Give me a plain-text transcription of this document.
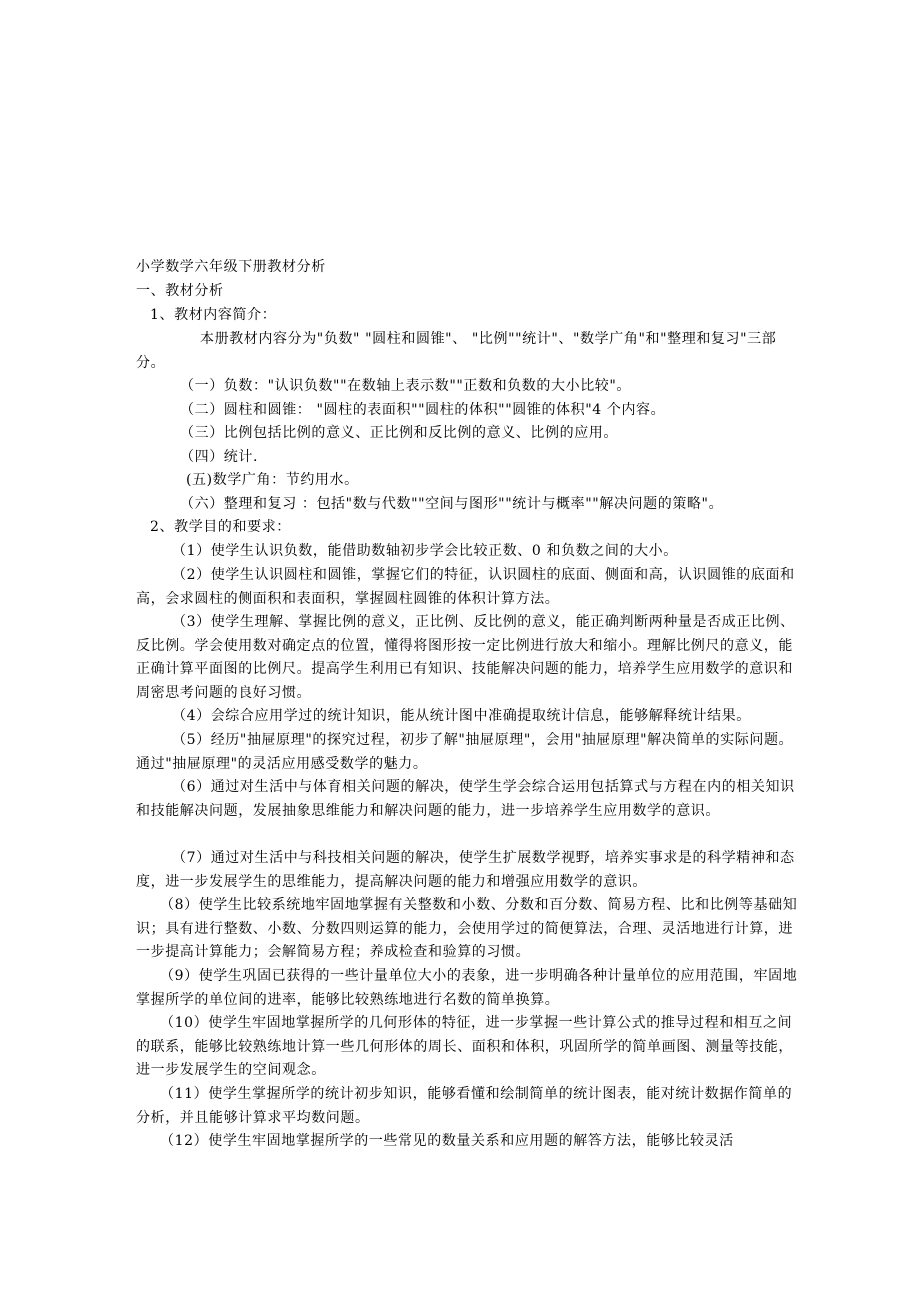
小学数学六年级下册教材分析

一、教材分析

1、教材内容简介：

本册教材内容分为"负数" "圆柱和圆锥"、 "比例""统计"、"数学广角"和"整理和复习"三部分。

（一）负数："认识负数""在数轴上表示数""正数和负数的大小比较"。

（二）圆柱和圆锥： "圆柱的表面积""圆柱的体积""圆锥的体积"4 个内容。

（三）比例包括比例的意义、正比例和反比例的意义、比例的应用。

（四）统计.

(五)数学广角：节约用水。

（六）整理和复习 ：包括"数与代数""空间与图形""统计与概率""解决问题的策略"。

2、教学目的和要求：

（1）使学生认识负数，能借助数轴初步学会比较正数、0 和负数之间的大小。

（2）使学生认识圆柱和圆锥，掌握它们的特征，认识圆柱的底面、侧面和高，认识圆锥的底面和高，会求圆柱的侧面积和表面积，掌握圆柱圆锥的体积计算方法。

（3）使学生理解、掌握比例的意义，正比例、反比例的意义，能正确判断两种量是否成正比例、反比例。学会使用数对确定点的位置，懂得将图形按一定比例进行放大和缩小。理解比例尺的意义，能正确计算平面图的比例尺。提高学生利用已有知识、技能解决问题的能力，培养学生应用数学的意识和周密思考问题的良好习惯。

（4）会综合应用学过的统计知识，能从统计图中准确提取统计信息，能够解释统计结果。

（5）经历"抽屉原理"的探究过程，初步了解"抽屉原理"，会用"抽屉原理"解决简单的实际问题。通过"抽屉原理"的灵活应用感受数学的魅力。

（6）通过对生活中与体育相关问题的解决，使学生学会综合运用包括算式与方程在内的相关知识和技能解决问题，发展抽象思维能力和解决问题的能力，进一步培养学生应用数学的意识。

（7）通过对生活中与科技相关问题的解决，使学生扩展数学视野，培养实事求是的科学精神和态度，进一步发展学生的思维能力，提高解决问题的能力和增强应用数学的意识。

（8）使学生比较系统地牢固地掌握有关整数和小数、分数和百分数、简易方程、比和比例等基础知识；具有进行整数、小数、分数四则运算的能力，会使用学过的简便算法，合理、灵活地进行计算，进一步提高计算能力；会解简易方程；养成检查和验算的习惯。

（9）使学生巩固已获得的一些计量单位大小的表象，进一步明确各种计量单位的应用范围，牢固地掌握所学的单位间的进率，能够比较熟练地进行名数的简单换算。

（10）使学生牢固地掌握所学的几何形体的特征，进一步掌握一些计算公式的推导过程和相互之间的联系，能够比较熟练地计算一些几何形体的周长、面积和体积，巩固所学的简单画图、测量等技能，进一步发展学生的空间观念。

（11）使学生掌握所学的统计初步知识，能够看懂和绘制简单的统计图表，能对统计数据作简单的分析，并且能够计算求平均数问题。

（12）使学生牢固地掌握所学的一些常见的数量关系和应用题的解答方法，能够比较灵活
